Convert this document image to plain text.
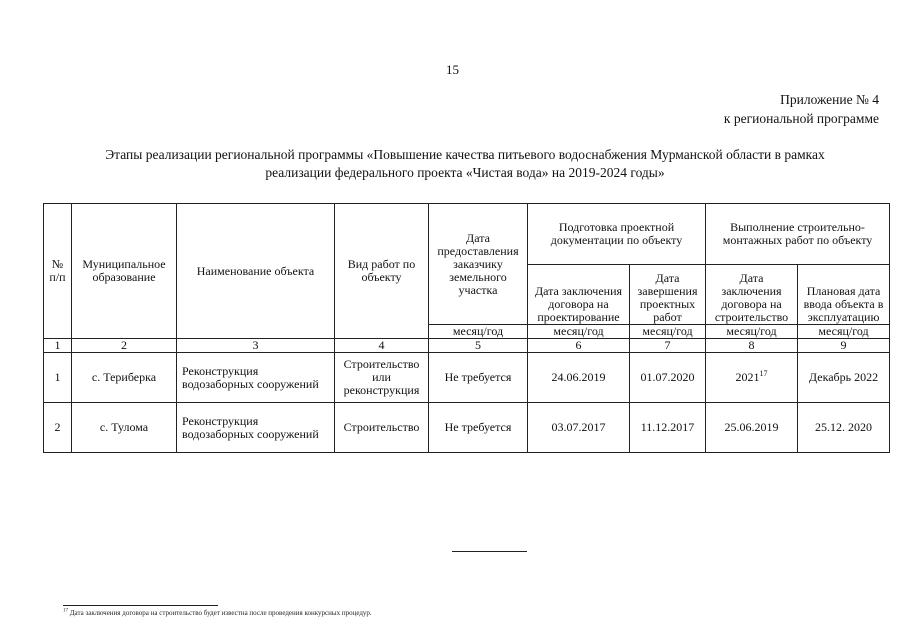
15
Приложение № 4
к региональной программе
Этапы реализации региональной программы «Повышение качества питьевого водоснабжения Мурманской области в рамках
реализации федерального проекта «Чистая вода» на 2019-2024 годы»
№ п/п	Муниципальное образование	Наименование объекта	Вид работ по объекту	Дата предоставления заказчику земельного участка	Подготовка проектной документации по объекту		Выполнение строительно-монтажных работ по объекту	
					Дата заключения договора на проектирование	Дата завершения проектных работ	Дата заключения договора на строительство	Плановая дата ввода объекта в эксплуатацию
				месяц/год	месяц/год	месяц/год	месяц/год	месяц/год
1	2	3	4	5	6	7	8	9
1	с. Териберка	Реконструкция водозаборных сооружений	Строительство или реконструкция	Не требуется	24.06.2019	01.07.2020	2021$^{17}$	Декабрь 2022
2	с. Тулома	Реконструкция водозаборных сооружений	Строительство	Не требуется	03.07.2017	11.12.2017	25.06.2019	25.12. 2020
$^{17}$ Дата заключения договора на строительство будет известна после проведения конкурсных процедур.
